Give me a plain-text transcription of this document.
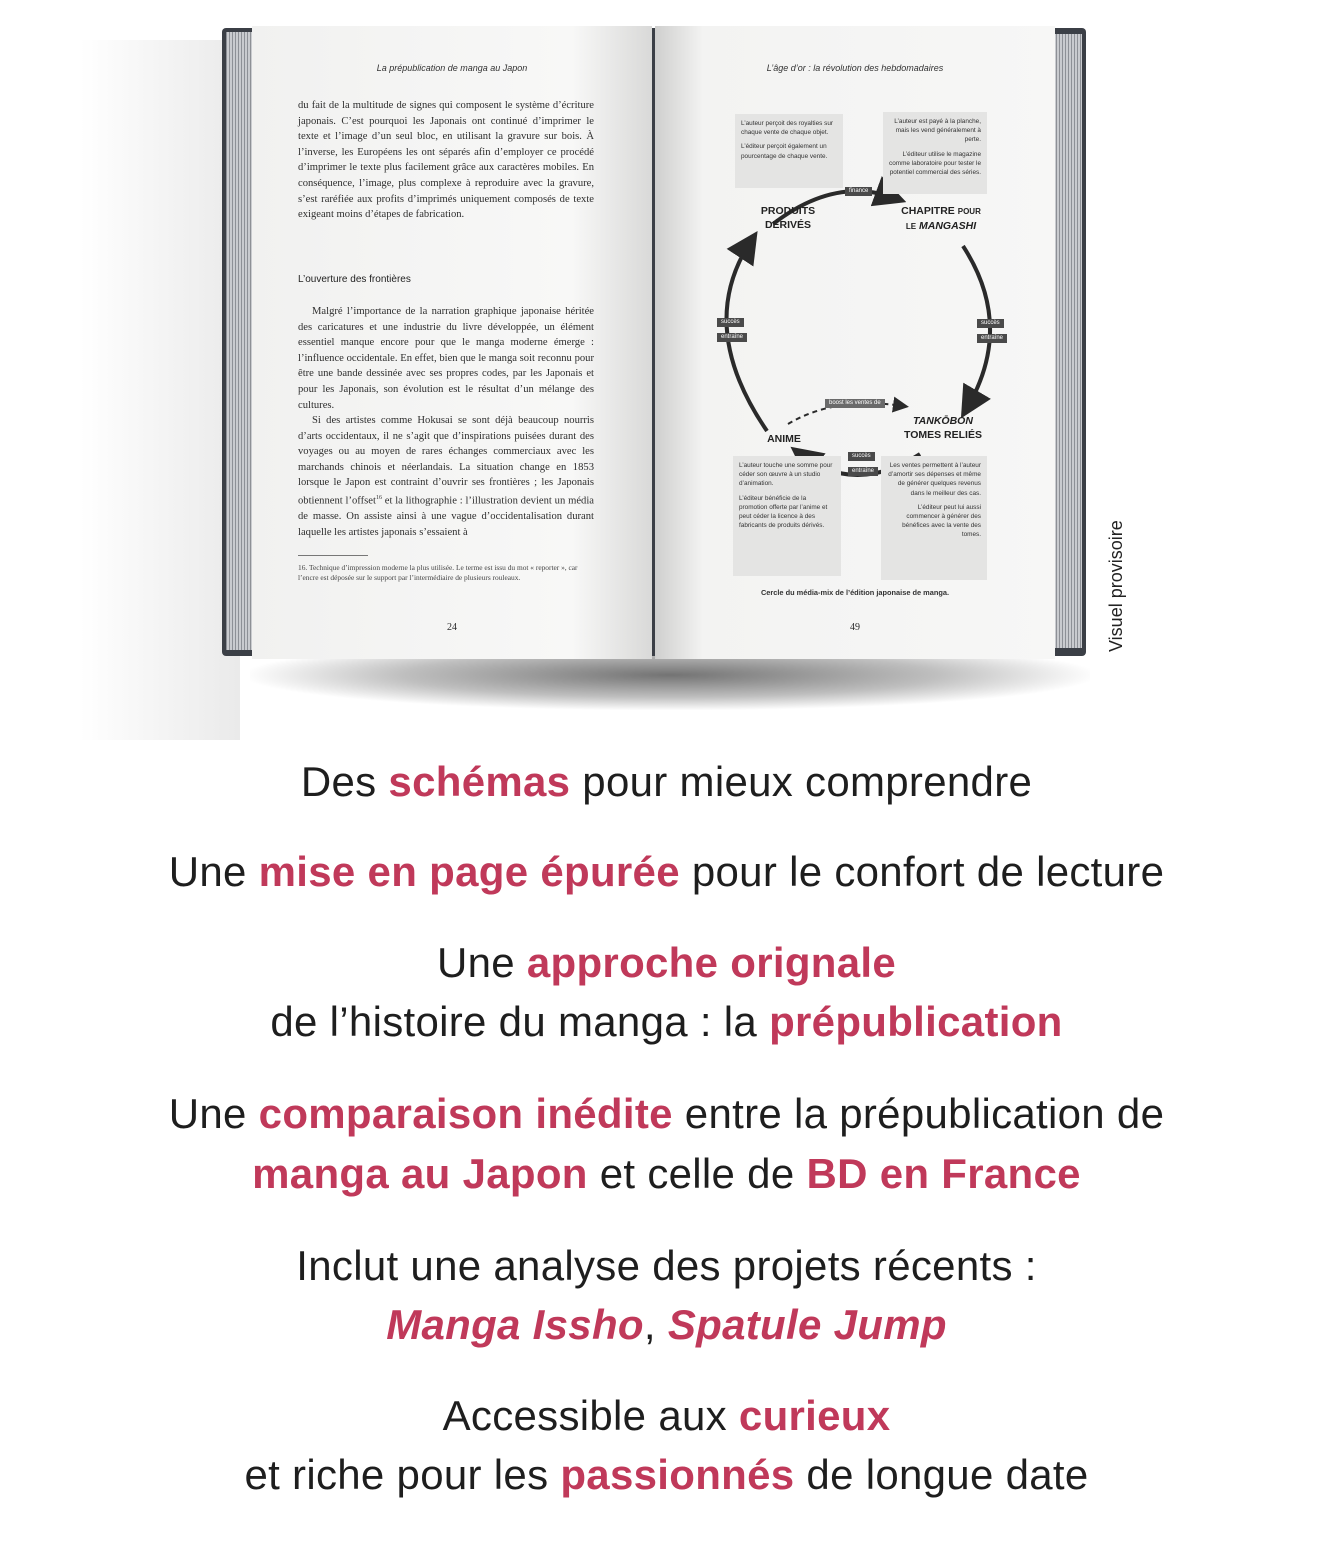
La prépublication de manga au Japon
du fait de la multitude de signes qui composent le système d’écriture japonais. C’est pourquoi les Japonais ont continué d’imprimer le texte et l’image d’un seul bloc, en utilisant la gravure sur bois. À l’inverse, les Européens les ont séparés afin d’employer ce procédé d’imprimer le texte plus facilement grâce aux caractères mobiles. En conséquence, l’image, plus complexe à reproduire avec la gravure, s’est raréfiée aux profits d’imprimés uniquement composés de texte exigeant moins d’étapes de fabrication.
L’ouverture des frontières
Malgré l’importance de la narration graphique japonaise héritée des caricatures et une industrie du livre développée, un élément essentiel manque encore pour que le manga moderne émerge : l’influence occidentale. En effet, bien que le manga soit reconnu pour être une bande dessinée avec ses propres codes, par les Japonais et pour les Japonais, son évolution est le résultat d’un mélange des cultures.
Si des artistes comme Hokusai se sont déjà beaucoup nourris d’arts occidentaux, il ne s’agit que d’inspirations puisées durant des voyages ou au moyen de rares échanges commerciaux avec les marchands chinois et néerlandais. La situation change en 1853 lorsque le Japon est contraint d’ouvrir ses frontières ; les Japonais obtiennent l’offset$^{16}$ et la lithographie : l’illustration devient un média de masse. On assiste ainsi à une vague d’occidentalisation durant laquelle les artistes japonais s’essaient à
16. Technique d’impression moderne la plus utilisée. Le terme est issu du mot « reporter », car l’encre est déposée sur le support par l’intermédiaire de plusieurs rouleaux.
24
L’âge d’or : la révolution des hebdomadaires

L’auteur perçoit des royalties sur chaque vente de chaque objet.

L’éditeur perçoit également un pourcentage de chaque vente.

L’auteur est payé à la planche, mais les vend généralement à perte.

L’éditeur utilise le magazine comme laboratoire pour tester le potentiel commercial des séries.

L’auteur touche une somme pour céder son œuvre à un studio d’animation.

L’éditeur bénéficie de la promotion offerte par l’anime et peut céder la licence à des fabricants de produits dérivés.

Les ventes permettent à l’auteur d’amortir ses dépenses et même de générer quelques revenus dans le meilleur des cas.

L’éditeur peut lui aussi commencer à générer des bénéfices avec la vente des tomes.

PRODUITS
DÉRIVÉS
CHAPITRE POUR
LE MANGASHI
TANKŌBON
TOMES RELIÉS
ANIME
finance
succès
entraîne
succès
entraîne
succès
entraîne
boost les ventes de
Cercle du média-mix de l’édition japonaise de manga.
49	Visuel provisoire
Des schémas pour mieux comprendre
Une mise en page épurée pour le confort de lecture
Une approche orignale
de l’histoire du manga : la prépublication
Une comparaison inédite entre la prépublication de
manga au Japon et celle de BD en France
Inclut une analyse des projets récents :
Manga Issho, Spatule Jump
Accessible aux curieux
et riche pour les passionnés de longue date
